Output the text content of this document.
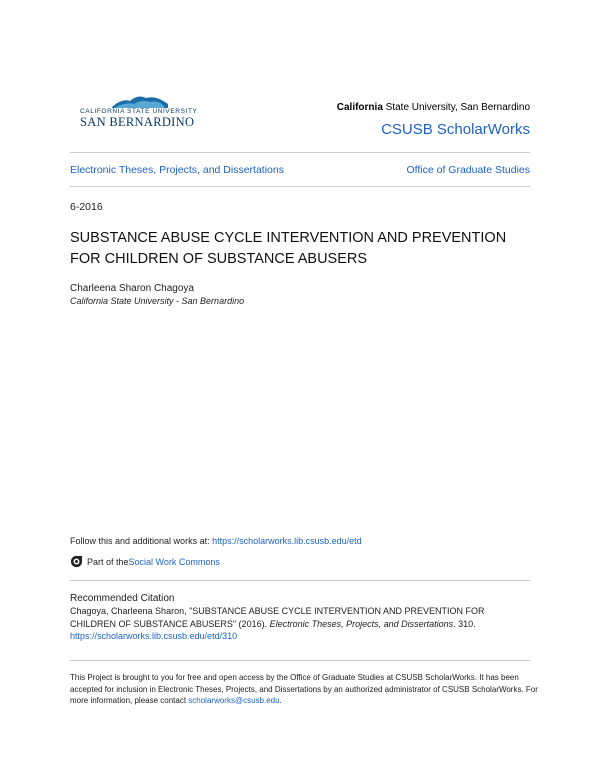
CALIFORNIA STATE UNIVERSITY
SAN BERNARDINO
California State University, San Bernardino
CSUSB ScholarWorks
Electronic Theses, Projects, and Dissertations	Office of Graduate Studies
6-2016
SUBSTANCE ABUSE CYCLE INTERVENTION AND PREVENTION FOR CHILDREN OF SUBSTANCE ABUSERS
Charleena Sharon Chagoya
California State University - San Bernardino
Follow this and additional works at: https://scholarworks.lib.csusb.edu/etd
Part of the Social Work Commons
Recommended Citation
Chagoya, Charleena Sharon, "SUBSTANCE ABUSE CYCLE INTERVENTION AND PREVENTION FOR CHILDREN OF SUBSTANCE ABUSERS" (2016). Electronic Theses, Projects, and Dissertations. 310.
https://scholarworks.lib.csusb.edu/etd/310
This Project is brought to you for free and open access by the Office of Graduate Studies at CSUSB ScholarWorks. It has been accepted for inclusion in Electronic Theses, Projects, and Dissertations by an authorized administrator of CSUSB ScholarWorks. For more information, please contact scholarworks@csusb.edu.
